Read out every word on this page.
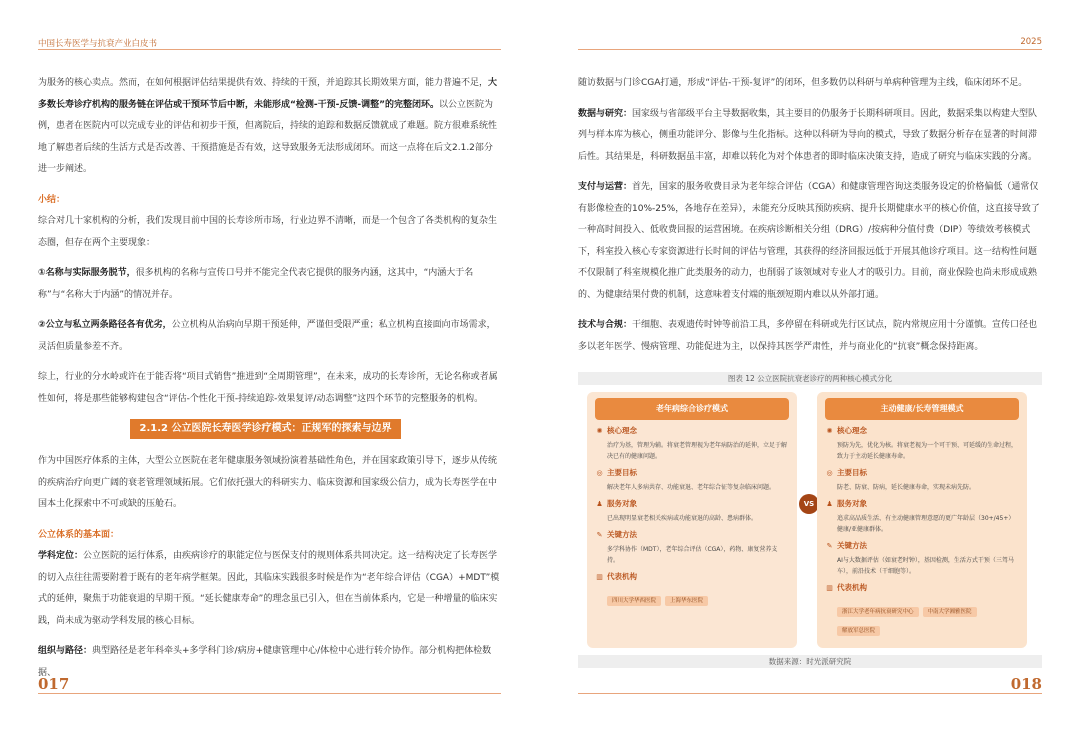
中国长寿医学与抗衰产业白皮书	2025

为服务的核心卖点。然而，在如何根据评估结果提供有效、持续的干预，并追踪其长期效果方面，能力普遍不足，大多数长寿诊疗机构的服务链在评估或干预环节后中断，未能形成“检测-干预-反馈-调整”的完整闭环。以公立医院为例，患者在医院内可以完成专业的评估和初步干预，但离院后，持续的追踪和数据反馈就成了难题。院方很难系统性地了解患者后续的生活方式是否改善、干预措施是否有效，这导致服务无法形成闭环。而这一点将在后文2.1.2部分进一步阐述。

小结：

综合对几十家机构的分析，我们发现目前中国的长寿诊所市场，行业边界不清晰，而是一个包含了各类机构的复杂生态圈，但存在两个主要现象：

①名称与实际服务脱节，很多机构的名称与宣传口号并不能完全代表它提供的服务内涵，这其中，“内涵大于名称”与“名称大于内涵”的情况并存。

②公立与私立两条路径各有优劣，公立机构从治病向早期干预延伸，严谨但受限严重；私立机构直接面向市场需求，灵活但质量参差不齐。

综上，行业的分水岭或许在于能否将“项目式销售”推进到“全周期管理”，在未来，成功的长寿诊所，无论名称或者属性如何，将是那些能够构建包含“评估-个性化干预-持续追踪-效果复评/动态调整”这四个环节的完整服务的机构。

2.1.2 公立医院长寿医学诊疗模式：正规军的探索与边界

作为中国医疗体系的主体，大型公立医院在老年健康服务领域扮演着基础性角色，并在国家政策引导下，逐步从传统的疾病治疗向更广阔的衰老管理领域拓展。它们依托强大的科研实力、临床资源和国家级公信力，成为长寿医学在中国本土化探索中不可或缺的压舱石。

公立体系的基本面：

学科定位：公立医院的运行体系，由疾病诊疗的职能定位与医保支付的规则体系共同决定。这一结构决定了长寿医学的切入点往往需要附着于既有的老年病学框架。因此，其临床实践很多时候是作为“老年综合评估（CGA）+MDT”模式的延伸，聚焦于功能衰退的早期干预。“延长健康寿命”的理念虽已引入，但在当前体系内，它是一种增量的临床实践，尚未成为驱动学科发展的核心目标。

组织与路径：典型路径是老年科牵头+多学科门诊/病房+健康管理中心/体检中心进行转介协作。部分机构把体检数据、

随访数据与门诊CGA打通，形成“评估-干预-复评”的闭环，但多数仍以科研与单病种管理为主线，临床闭环不足。

数据与研究：国家级与省部级平台主导数据收集，其主要目的仍服务于长期科研项目。因此，数据采集以构建大型队列与样本库为核心，侧重功能评分、影像与生化指标。这种以科研为导向的模式，导致了数据分析存在显著的时间滞后性。其结果是，科研数据虽丰富，却难以转化为对个体患者的即时临床决策支持，造成了研究与临床实践的分离。

支付与运营：首先，国家的服务收费目录为老年综合评估（CGA）和健康管理咨询这类服务设定的价格偏低（通常仅有影像检查的10%-25%，各地存在差异），未能充分反映其预防疾病、提升长期健康水平的核心价值，这直接导致了一种高时间投入、低收费回报的运营困境。在疾病诊断相关分组（DRG）/按病种分值付费（DIP）等绩效考核模式下，科室投入核心专家资源进行长时间的评估与管理，其获得的经济回报远低于开展其他诊疗项目。这一结构性问题不仅限制了科室规模化推广此类服务的动力，也削弱了该领域对专业人才的吸引力。目前，商业保险也尚未形成成熟的、为健康结果付费的机制，这意味着支付端的瓶颈短期内难以从外部打通。

技术与合规：干细胞、表观遗传时钟等前沿工具，多停留在科研或先行区试点，院内常规应用十分谨慎。宣传口径也多以老年医学、慢病管理、功能促进为主，以保持其医学严肃性，并与商业化的“抗衰”概念保持距离。

图表 12 公立医院抗衰老诊疗的两种核心模式分化
老年病综合诊疗模式
✺ 核心理念
治疗为基，管理为辅。将衰老管理视为老年病防治的延伸，立足于解决已有的健康问题。
◎ 主要目标
解决老年人多病共存、功能衰退、老年综合征等复杂临床问题。
♟ 服务对象
已出现明显衰老相关疾病或功能衰退的高龄、患病群体。
✎ 关键方法
多学科协作（MDT），老年综合评估（CGA），药物、康复营养支持。
▥ 代表机构
四川大学华西医院	上海华东医院
VS
主动健康/长寿管理模式
✺ 核心理念
预防为先，优化为核。将衰老视为一个可干预、可延缓的生命过程，致力于主动延长健康寿命。
◎ 主要目标
防老、防衰、防病，延长健康寿命，实现未病先防。
♟ 服务对象
追求高品质生活、有主动健康管理意愿的更广年龄层（30+/45+）健康/亚健康群体。
✎ 关键方法
AI与大数据评估（如衰老时钟），基因检测，生活方式干预（三驾马车），前沿技术（干细胞等）。
▥ 代表机构
浙江大学老年病抗衰研究中心	中南大学湘雅医院解放军总医院
数据来源：时光派研究院
017	018
